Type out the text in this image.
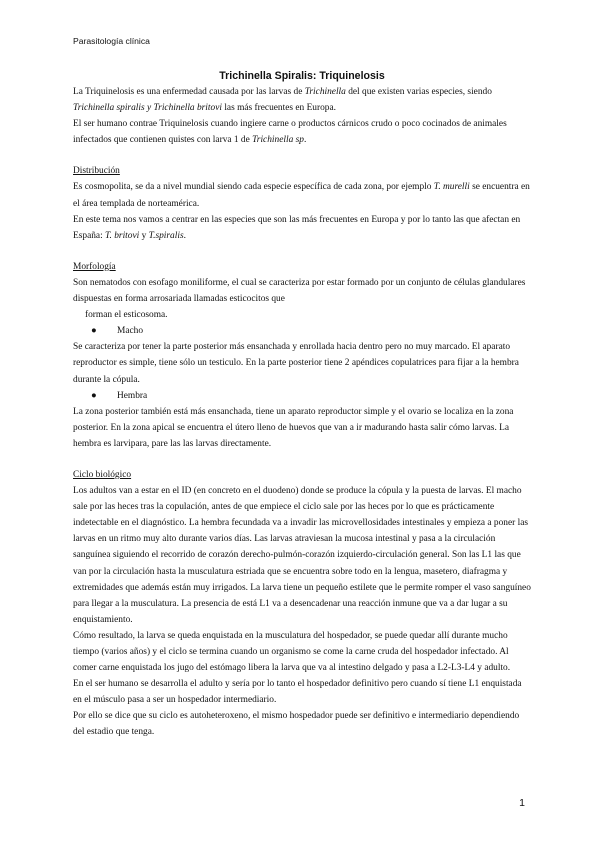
Parasitología clínica

Trichinella Spiralis: Triquinelosis

La Triquinelosis es una enfermedad causada por las larvas de Trichinella del que existen varias especies, siendo Trichinella spiralis y Trichinella britovi las más frecuentes en Europa.

El ser humano contrae Triquinelosis cuando ingiere carne o productos cárnicos crudo o poco cocinados de animales infectados que contienen quistes con larva 1 de Trichinella sp.

Distribución

Es cosmopolita, se da a nivel mundial siendo cada especie específica de cada zona, por ejemplo T. murelli se encuentra en el área templada de norteamérica.

En este tema nos vamos a centrar en las especies que son las más frecuentes en Europa y por lo tanto las que afectan en España: T. britovi y T.spiralis.

Morfología

Son nematodos con esofago moniliforme, el cual se caracteriza por estar formado por un conjunto de células glandulares dispuestas en forma arrosariada llamadas esticocitos que

forman el esticosoma.

● Macho

Se caracteriza por tener la parte posterior más ensanchada y enrollada hacia dentro pero no muy marcado. El aparato reproductor es simple, tiene sólo un testiculo. En la parte posterior tiene 2 apéndices copulatrices para fijar a la hembra durante la cópula.

● Hembra

La zona posterior también está más ensanchada, tiene un aparato reproductor simple y el ovario se localiza en la zona posterior. En la zona apical se encuentra el útero lleno de huevos que van a ir madurando hasta salir cómo larvas. La hembra es larvipara, pare las las larvas directamente.

Ciclo biológico

Los adultos van a estar en el ID (en concreto en el duodeno) donde se produce la cópula y la puesta de larvas. El macho sale por las heces tras la copulación, antes de que empiece el ciclo sale por las heces por lo que es prácticamente indetectable en el diagnóstico. La hembra fecundada va a invadir las microvellosidades intestinales y empieza a poner las larvas en un ritmo muy alto durante varios días. Las larvas atraviesan la mucosa intestinal y pasa a la circulación sanguínea siguiendo el recorrido de corazón derecho-pulmón-corazón izquierdo-circulación general. Son las L1 las que van por la circulación hasta la musculatura estriada que se encuentra sobre todo en la lengua, masetero, diafragma y extremidades que además están muy irrigados. La larva tiene un pequeño estilete que le permite romper el vaso sanguíneo para llegar a la musculatura. La presencia de está L1 va a desencadenar una reacción inmune que va a dar lugar a su enquistamiento.

Cómo resultado, la larva se queda enquistada en la musculatura del hospedador, se puede quedar allí durante mucho tiempo (varios años) y el ciclo se termina cuando un organismo se come la carne cruda del hospedador infectado. Al comer carne enquistada los jugo del estómago libera la larva que va al intestino delgado y pasa a L2-L3-L4 y adulto.

En el ser humano se desarrolla el adulto y sería por lo tanto el hospedador definitivo pero cuando sí tiene L1 enquistada en el músculo pasa a ser un hospedador intermediario.

Por ello se dice que su ciclo es autoheteroxeno, el mismo hospedador puede ser definitivo e intermediario dependiendo del estadio que tenga.

1
